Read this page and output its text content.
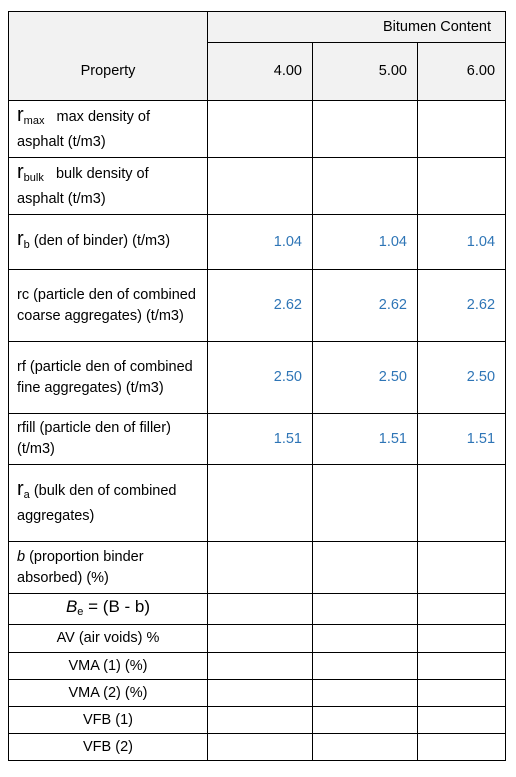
	Bitumen Content		
Property	4.00	5.00	6.00
$r_{max}$   max density of asphalt (t/m3)			
$r_{bulk}$   bulk density of asphalt (t/m3)			
$r_b$ (den of binder) (t/m3)	1.04	1.04	1.04
rc (particle den of combined coarse aggregates) (t/m3)	2.62	2.62	2.62
rf (particle den of combined fine aggregates) (t/m3)	2.50	2.50	2.50
rfill (particle den of filler) (t/m3)	1.51	1.51	1.51
$r_a$ (bulk den of combined aggregates)			
b (proportion binder absorbed) (%)			
$B_e = (B - b)$			
AV (air voids) %			
VMA (1) (%)			
VMA (2) (%)			
VFB (1)			
VFB (2)			
